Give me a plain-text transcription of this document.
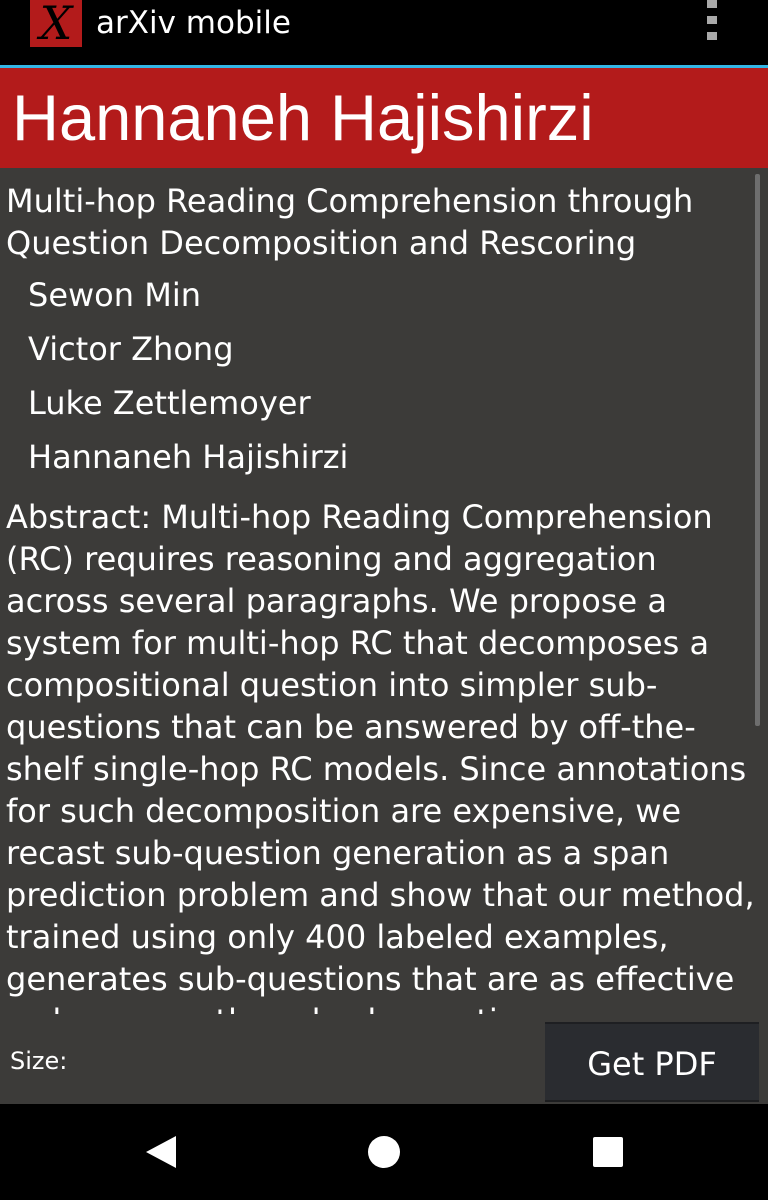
X arXiv mobile
Hannaneh Hajishirzi
Multi-hop Reading Comprehension through Question Decomposition and Rescoring
Sewon Min
Victor Zhong
Luke Zettlemoyer
Hannaneh Hajishirzi
Abstract: Multi-hop Reading Comprehension (RC) requires reasoning and aggregation across several paragraphs. We propose a system for multi-hop RC that decomposes a compositional question into simpler sub-questions that can be answered by off-the-shelf single-hop RC models. Since annotations for such decomposition are expensive, we recast sub-question generation as a span prediction problem and show that our method, trained using only 400 labeled examples, generates sub-questions that are as effective
Size:	Get PDF
